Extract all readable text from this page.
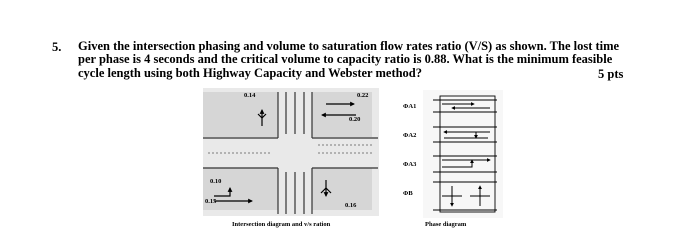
5. Given the intersection phasing and volume to saturation flow rates ratio (V/S) as shown. The lost time per phase is 4 seconds and the critical volume to capacity ratio is 0.88. What is the minimum feasible cycle length using both Highway Capacity and Webster method?	5 pts
0.14	0.22
0.20
0.10
0.15
0.16
Intersection diagram and v/s ration
ΦA1
ΦA2
ΦA3
ΦB
Phase diagram
